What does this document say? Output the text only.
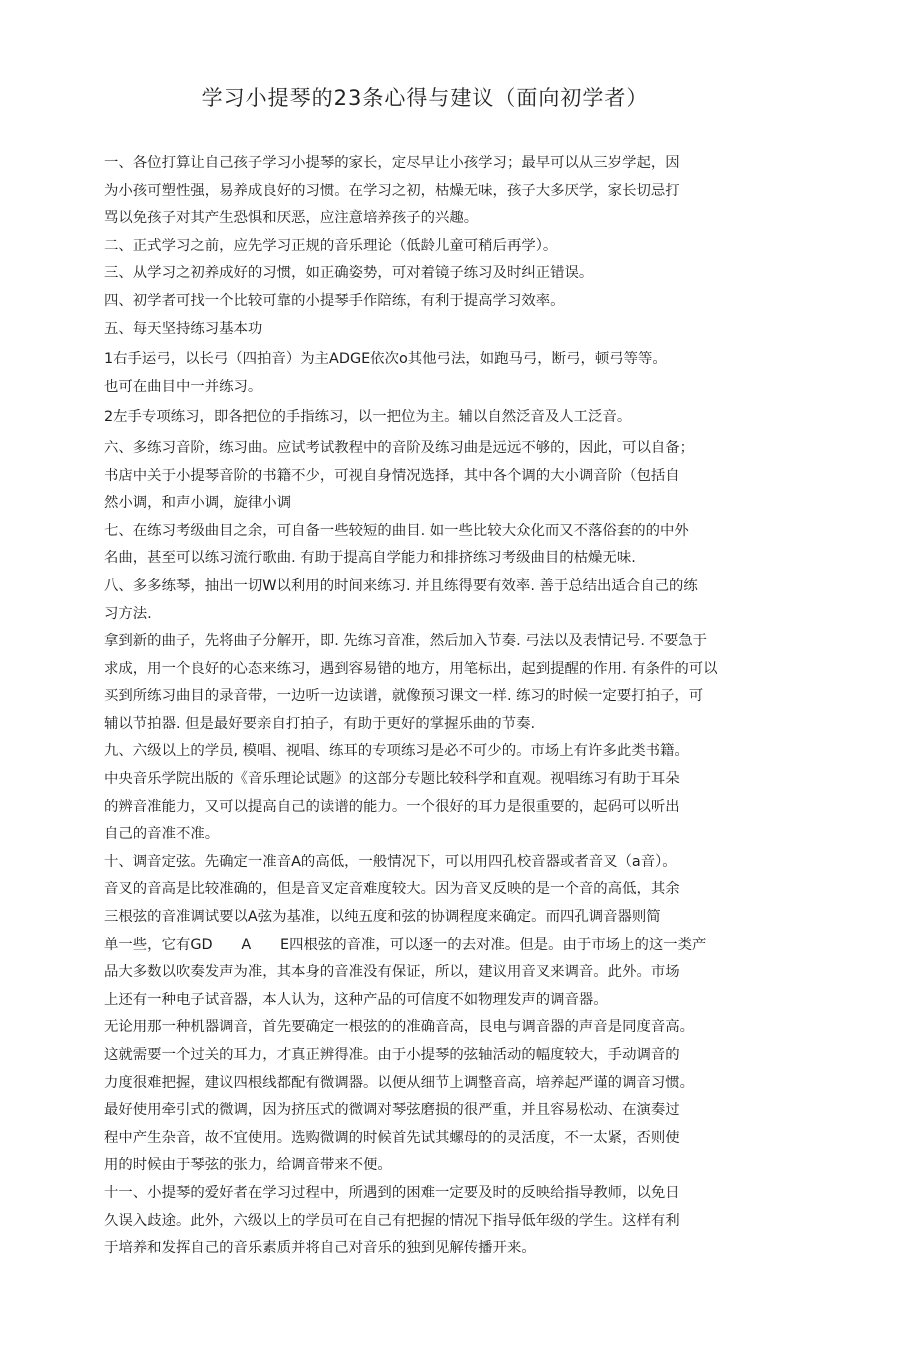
学习小提琴的23条心得与建议（面向初学者）
一、各位打算让自己孩子学习小提琴的家长，定尽早让小孩学习；最早可以从三岁学起，因
为小孩可塑性强，易养成良好的习惯。在学习之初，枯燥无味，孩子大多厌学，家长切忌打
骂以免孩子对其产生恐惧和厌恶，应注意培养孩子的兴趣。
二、正式学习之前，应先学习正规的音乐理论（低龄儿童可稍后再学）。
三、从学习之初养成好的习惯，如正确姿势，可对着镜子练习及时纠正错误。
四、初学者可找一个比较可靠的小提琴手作陪练，有利于提高学习效率。
五、每天坚持练习基本功
1右手运弓，以长弓（四拍音）为主ADGE依次o其他弓法，如跑马弓，断弓，顿弓等等。
也可在曲目中一并练习。
2左手专项练习，即各把位的手指练习，以一把位为主。辅以自然泛音及人工泛音。
六、多练习音阶，练习曲。应试考试教程中的音阶及练习曲是远远不够的，因此，可以自备；
书店中关于小提琴音阶的书籍不少，可视自身情况选择，其中各个调的大小调音阶（包括自
然小调，和声小调，旋律小调
七、在练习考级曲目之余，可自备一些较短的曲目. 如一些比较大众化而又不落俗套的的中外
名曲，甚至可以练习流行歌曲. 有助于提高自学能力和排挤练习考级曲目的枯燥无味.
八、多多练琴，抽出一切W以利用的时间来练习. 并且练得要有效率. 善于总结出适合自己的练
习方法.
拿到新的曲子，先将曲子分解开，即. 先练习音准，然后加入节奏. 弓法以及表情记号. 不要急于
求成，用一个良好的心态来练习，遇到容易错的地方，用笔标出，起到提醒的作用. 有条件的可以
买到所练习曲目的录音带，一边听一边读谱，就像预习课文一样. 练习的时候一定要打拍子，可
辅以节拍器. 但是最好要亲自打拍子，有助于更好的掌握乐曲的节奏.
九、六级以上的学员, 模唱、视唱、练耳的专项练习是必不可少的。市场上有许多此类书籍。
中央音乐学院出版的《音乐理论试题》的这部分专题比较科学和直观。视唱练习有助于耳朵
的辨音准能力，又可以提高自己的读谱的能力。一个很好的耳力是很重要的，起码可以听出
自己的音准不准。
十、调音定弦。先确定一准音A的高低，一般情况下，可以用四孔校音器或者音叉（a音）。
音叉的音高是比较准确的，但是音叉定音难度较大。因为音叉反映的是一个音的高低，其余
三根弦的音准调试要以A弦为基准，以纯五度和弦的协调程度来确定。而四孔调音器则简
单一些，它有GD　　A　　E四根弦的音准，可以逐一的去对准。但是。由于市场上的这一类产
品大多数以吹奏发声为准，其本身的音准没有保证，所以，建议用音叉来调音。此外。市场
上还有一种电子试音器，本人认为，这种产品的可信度不如物理发声的调音器。
无论用那一种机器调音，首先要确定一根弦的的准确音高，艮电与调音器的声音是同度音高。
这就需要一个过关的耳力，才真正辨得准。由于小提琴的弦轴活动的幅度较大，手动调音的
力度很难把握，建议四根线都配有微调器。以便从细节上调整音高，培养起严谨的调音习惯。
最好使用牵引式的微调，因为挤压式的微调对琴弦磨损的很严重，并且容易松动、在演奏过
程中产生杂音，故不宜使用。选购微调的时候首先试其螺母的的灵活度，不一太紧，否则使
用的时候由于琴弦的张力，给调音带来不便。
十一、小提琴的爱好者在学习过程中，所遇到的困难一定要及时的反映给指导教师，以免日
久误入歧途。此外，六级以上的学员可在自己有把握的情况下指导低年级的学生。这样有利
于培养和发挥自己的音乐素质并将自己对音乐的独到见解传播开来。
